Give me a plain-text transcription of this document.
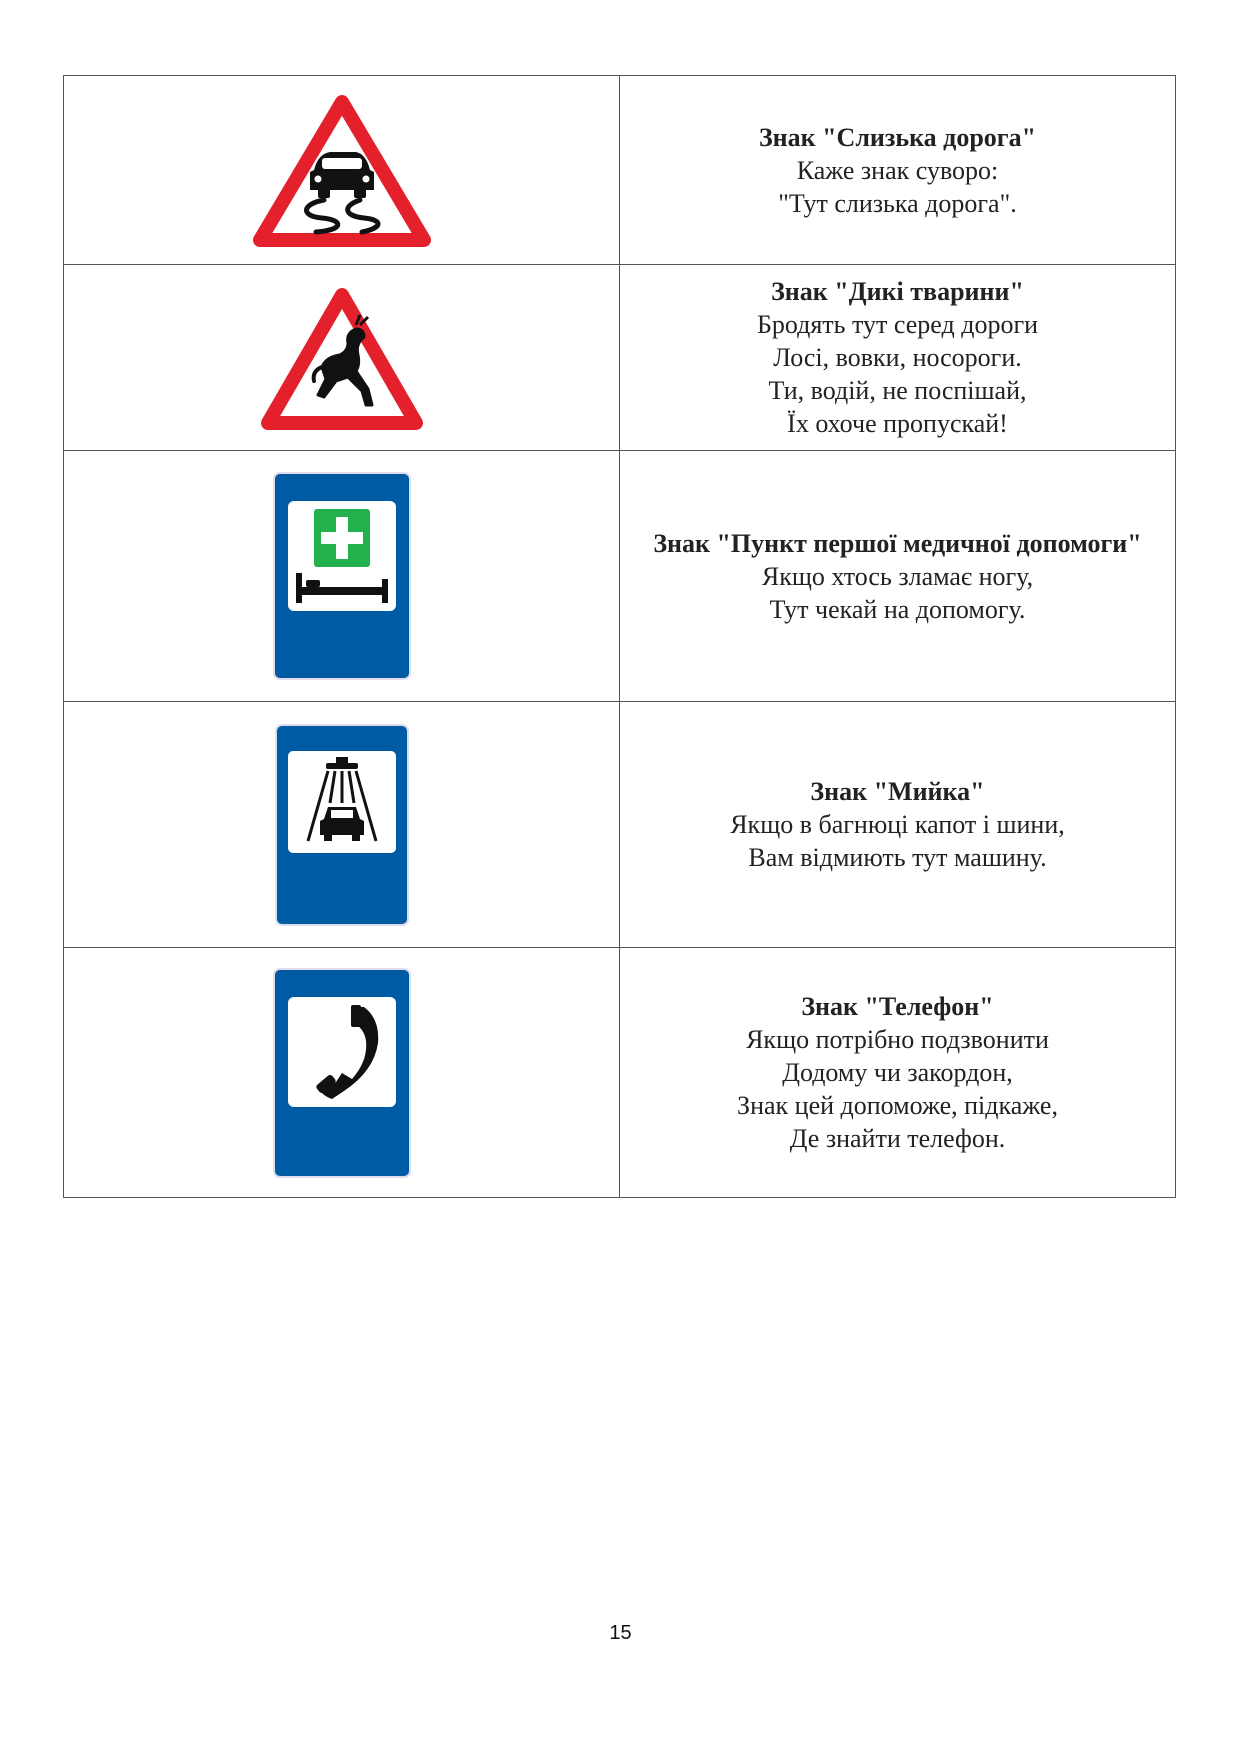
Знак "Слизька дорога"
Каже знак суворо:
"Тут слизька дорога".

Знак "Дикі тварини"
Бродять тут серед дороги
Лосі, вовки, носороги.
Ти, водій, не поспішай,
Їх охоче пропускай!

Знак "Пункт першої медичної допомоги"
Якщо хтось зламає ногу,
Тут чекай на допомогу.

Знак "Мийка"
Якщо в багнюці капот і шини,
Вам відмиють тут машину.

Знак "Телефон"
Якщо потрібно подзвонити
Додому чи закордон,
Знак цей допоможе, підкаже,
Де знайти телефон.
15
